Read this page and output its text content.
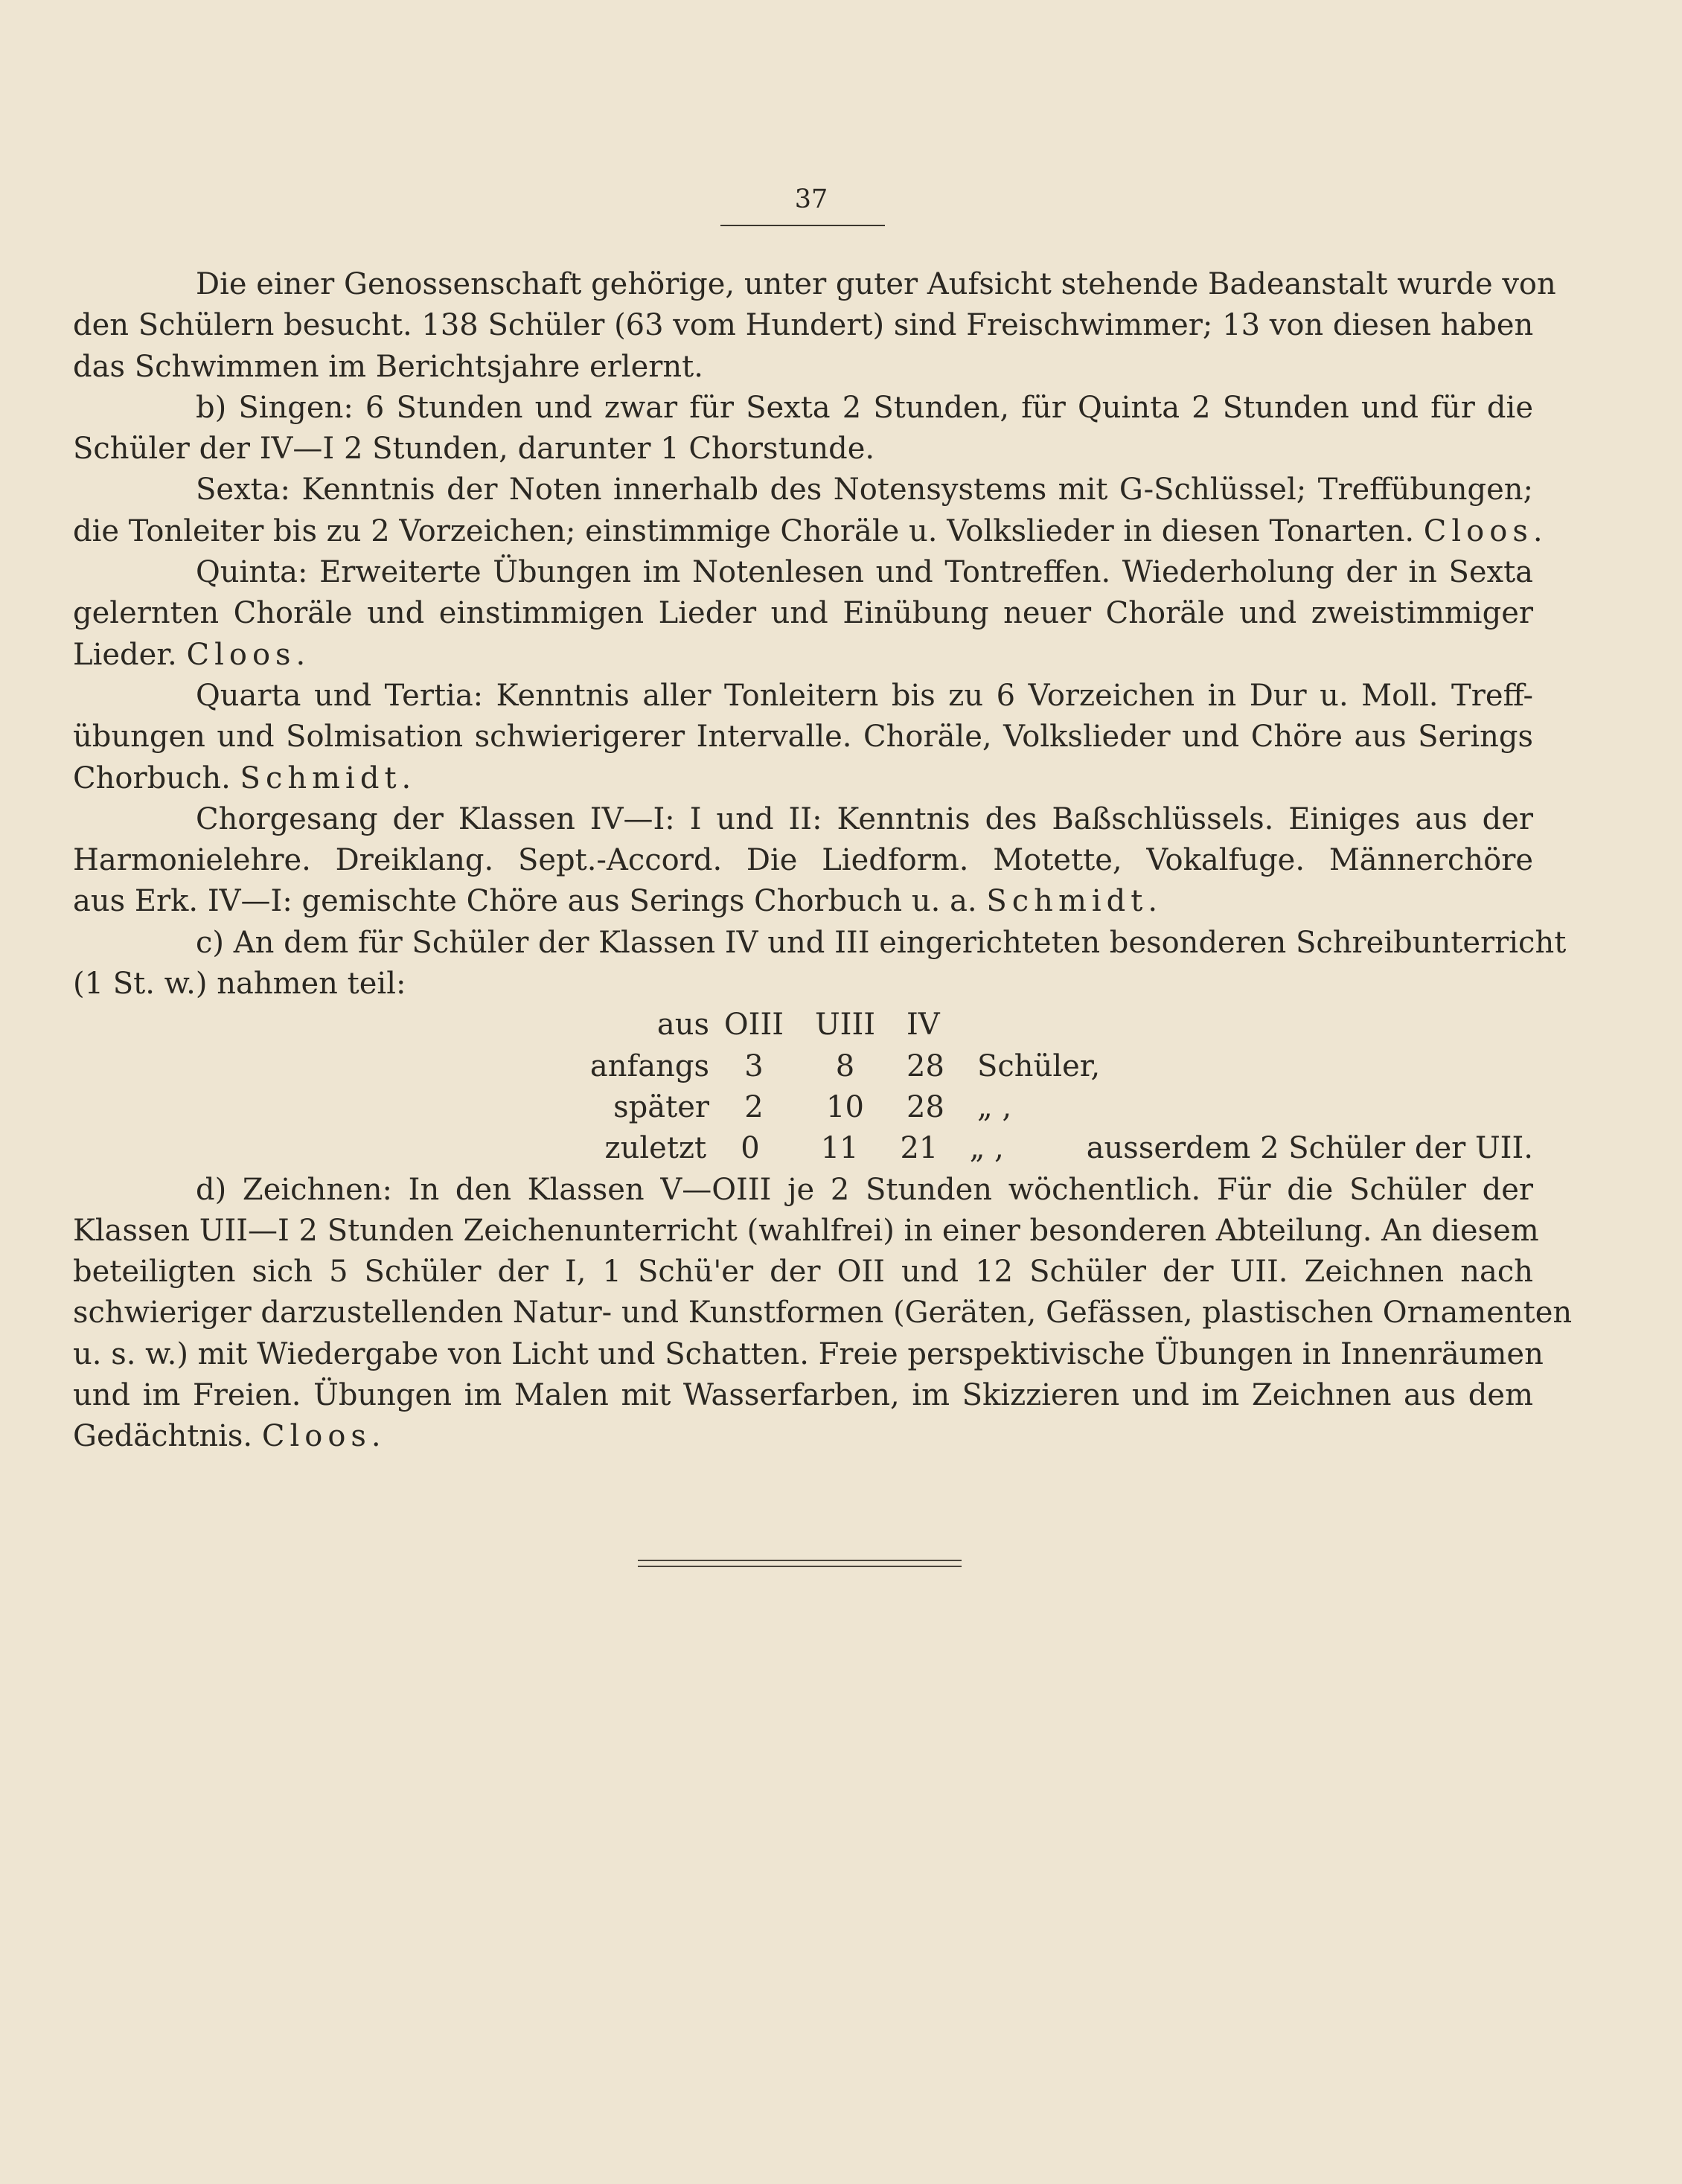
37
Die einer Genossenschaft gehörige, unter guter Aufsicht stehende Badeanstalt wurde von
den Schülern besucht. 138 Schüler (63 vom Hundert) sind Freischwimmer; 13 von diesen haben
das Schwimmen im Berichtsjahre erlernt.
b) Singen: 6 Stunden und zwar für Sexta 2 Stunden, für Quinta 2 Stunden und für die
Schüler der IV—I 2 Stunden, darunter 1 Chorstunde.
Sexta: Kenntnis der Noten innerhalb des Notensystems mit G-Schlüssel; Treffübungen;
die Tonleiter bis zu 2 Vorzeichen; einstimmige Choräle u. Volkslieder in diesen Tonarten. Cloos.
Quinta: Erweiterte Übungen im Notenlesen und Tontreffen. Wiederholung der in Sexta
gelernten Choräle und einstimmigen Lieder und Einübung neuer Choräle und zweistimmiger
Lieder. Cloos.
Quarta und Tertia: Kenntnis aller Tonleitern bis zu 6 Vorzeichen in Dur u. Moll. Treff-
übungen und Solmisation schwierigerer Intervalle. Choräle, Volkslieder und Chöre aus Serings
Chorbuch. Schmidt.
Chorgesang der Klassen IV—I: I und II: Kenntnis des Baßschlüssels. Einiges aus der
Harmonielehre. Dreiklang. Sept.-Accord. Die Liedform. Motette, Vokalfuge. Männerchöre
aus Erk. IV—I: gemischte Chöre aus Serings Chorbuch u. a. Schmidt.
c) An dem für Schüler der Klassen IV und III eingerichteten besonderen Schreibunterricht
(1 St. w.) nahmen teil:
aus OIII	UIII	IV
anfangs	3	8	28	Schüler,
später	2	10	28	„ ,
zuletzt	0	11	21	„ ,	ausserdem 2 Schüler der UII.
d) Zeichnen: In den Klassen V—OIII je 2 Stunden wöchentlich. Für die Schüler der
Klassen UII—I 2 Stunden Zeichenunterricht (wahlfrei) in einer besonderen Abteilung. An diesem
beteiligten sich 5 Schüler der I, 1 Schü'er der OII und 12 Schüler der UII. Zeichnen nach
schwieriger darzustellenden Natur- und Kunstformen (Geräten, Gefässen, plastischen Ornamenten
u. s. w.) mit Wiedergabe von Licht und Schatten. Freie perspektivische Übungen in Innenräumen
und im Freien. Übungen im Malen mit Wasserfarben, im Skizzieren und im Zeichnen aus dem
Gedächtnis. Cloos.
